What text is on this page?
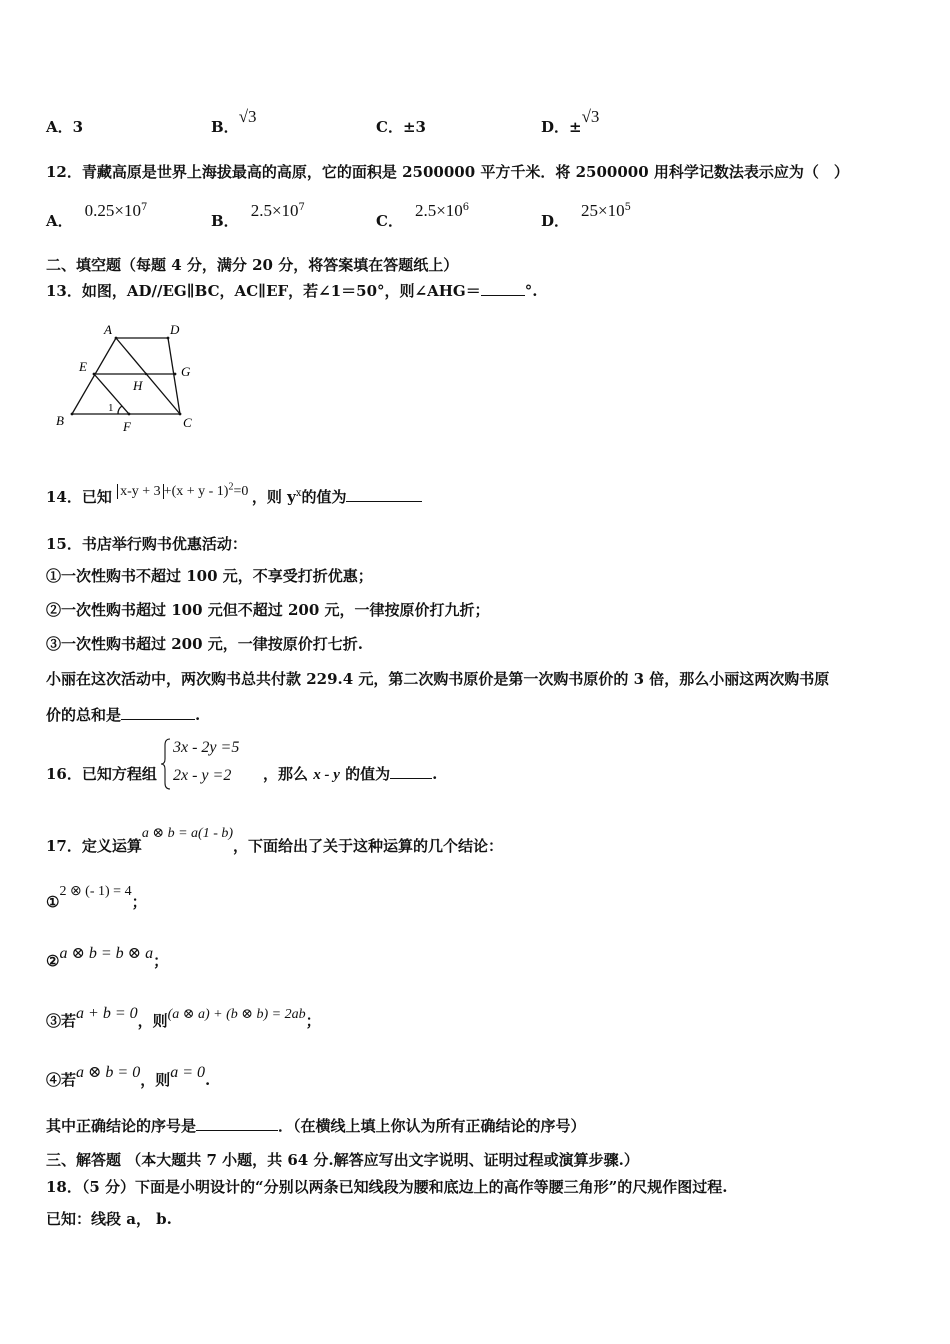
A．3	B．√3
C．±3	D．±√3
12．青藏高原是世界上海拔最高的高原，它的面积是 2500000 平方千米．将 2500000 用科学记数法表示应为（　）
A．$0.25\times 10^7$
B．$2.5\times 10^7$
C．$2.5\times 10^6$
D．$25\times 10^5$
二、填空题（每题 4 分，满分 20 分，将答案填在答题纸上）
13．如图，AD//EG∥BC，AC∥EF，若∠1＝50°，则∠AHG＝	°.
A	D
E	G
H
B	F	C
1
14．已知 $x-y + 3 +(x + y - 1)^2=0$ ，则 $y^x$的值为
15．书店举行购书优惠活动：
①一次性购书不超过 100 元，不享受打折优惠；
②一次性购书超过 100 元但不超过 200 元，一律按原价打九折；
③一次性购书超过 200 元，一律按原价打七折.
小丽在这次活动中，两次购书总共付款 229.4 元，第二次购书原价是第一次购书原价的 3 倍，那么小丽这两次购书原
价的总和是	.
16．已知方程组
3x - 2y =5
2x - y =2 ，那么 x - y 的值为	.
17．定义运算a ⊗ b = a(1 - b)，下面给出了关于这种运算的几个结论：
①2 ⊗ (- 1) = 4；
②a ⊗ b = b ⊗ a；
③若a + b = 0，则(a ⊗ a) + (b ⊗ b) = 2ab；
④若a ⊗ b = 0，则a = 0.
其中正确结论的序号是	．（在横线上填上你认为所有正确结论的序号）
三、解答题 （本大题共 7 小题，共 64 分.解答应写出文字说明、证明过程或演算步骤.）
18．（5 分）下面是小明设计的“分别以两条已知线段为腰和底边上的高作等腰三角形”的尺规作图过程.
已知：线段 a， b.
